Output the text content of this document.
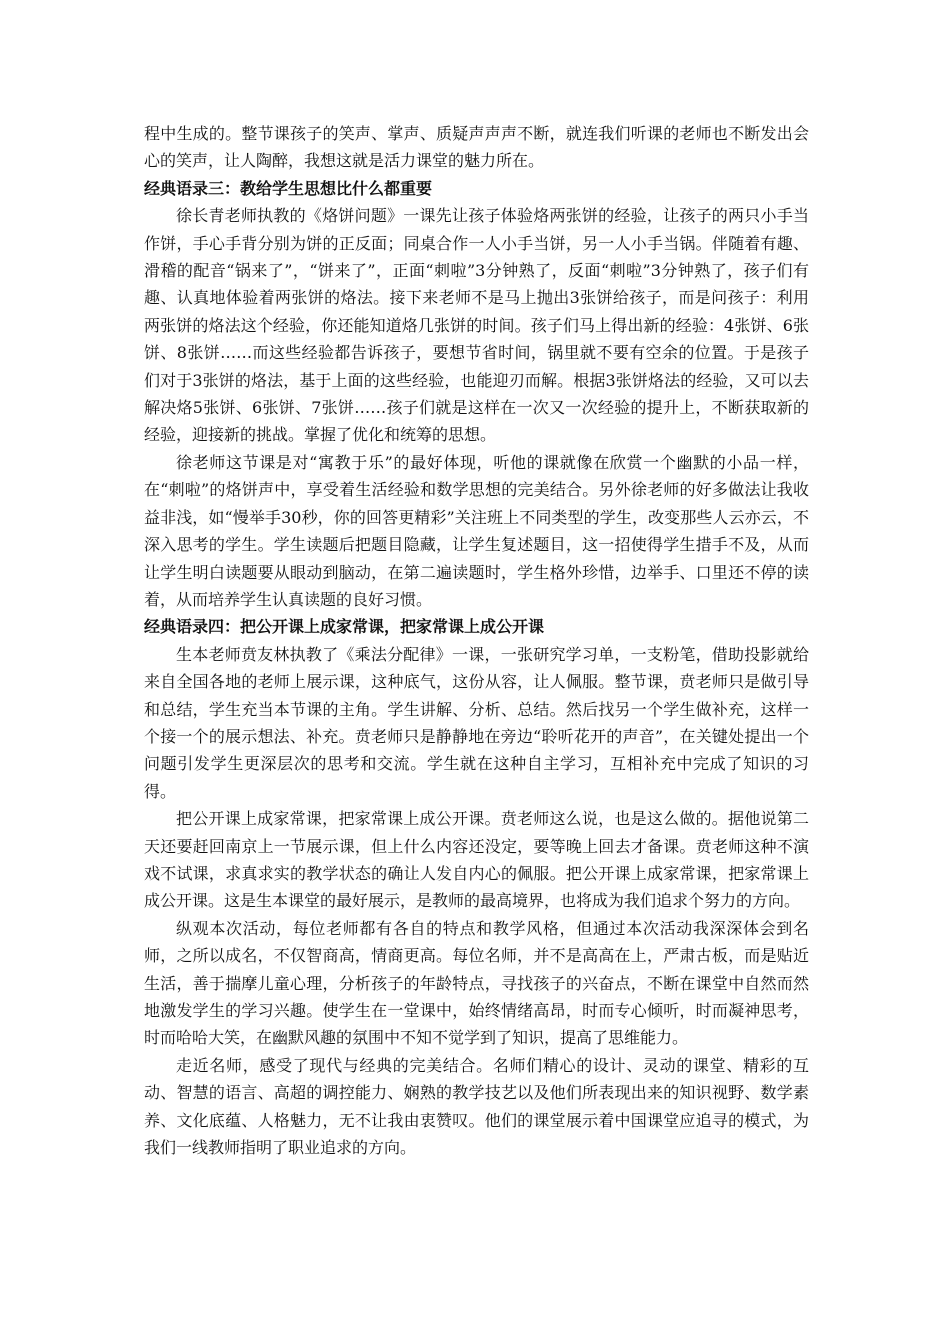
程中生成的。整节课孩子的笑声、掌声、质疑声声声不断，就连我们听课的老师也不断发出会心的笑声，让人陶醉，我想这就是活力课堂的魅力所在。

经典语录三：教给学生思想比什么都重要

徐长青老师执教的《烙饼问题》一课先让孩子体验烙两张饼的经验，让孩子的两只小手当作饼，手心手背分别为饼的正反面；同桌合作一人小手当饼，另一人小手当锅。伴随着有趣、滑稽的配音“锅来了”，“饼来了”，正面“刺啦”3分钟熟了，反面“刺啦”3分钟熟了，孩子们有趣、认真地体验着两张饼的烙法。接下来老师不是马上抛出3张饼给孩子，而是问孩子：利用两张饼的烙法这个经验，你还能知道烙几张饼的时间。孩子们马上得出新的经验：4张饼、6张饼、8张饼……而这些经验都告诉孩子，要想节省时间，锅里就不要有空余的位置。于是孩子们对于3张饼的烙法，基于上面的这些经验，也能迎刃而解。根据3张饼烙法的经验，又可以去解决烙5张饼、6张饼、7张饼……孩子们就是这样在一次又一次经验的提升上，不断获取新的经验，迎接新的挑战。掌握了优化和统筹的思想。

徐老师这节课是对“寓教于乐”的最好体现，听他的课就像在欣赏一个幽默的小品一样，在“刺啦”的烙饼声中，享受着生活经验和数学思想的完美结合。另外徐老师的好多做法让我收益非浅，如“慢举手30秒，你的回答更精彩”关注班上不同类型的学生，改变那些人云亦云，不深入思考的学生。学生读题后把题目隐藏，让学生复述题目，这一招使得学生措手不及，从而让学生明白读题要从眼动到脑动，在第二遍读题时，学生格外珍惜，边举手、口里还不停的读着，从而培养学生认真读题的良好习惯。

经典语录四：把公开课上成家常课，把家常课上成公开课

生本老师贲友林执教了《乘法分配律》一课，一张研究学习单，一支粉笔，借助投影就给来自全国各地的老师上展示课，这种底气，这份从容，让人佩服。整节课，贲老师只是做引导和总结，学生充当本节课的主角。学生讲解、分析、总结。然后找另一个学生做补充，这样一个接一个的展示想法、补充。贲老师只是静静地在旁边“聆听花开的声音”，在关键处提出一个问题引发学生更深层次的思考和交流。学生就在这种自主学习，互相补充中完成了知识的习得。

把公开课上成家常课，把家常课上成公开课。贲老师这么说，也是这么做的。据他说第二天还要赶回南京上一节展示课，但上什么内容还没定，要等晚上回去才备课。贲老师这种不演戏不试课，求真求实的教学状态的确让人发自内心的佩服。把公开课上成家常课，把家常课上成公开课。这是生本课堂的最好展示，是教师的最高境界，也将成为我们追求个努力的方向。

纵观本次活动，每位老师都有各自的特点和教学风格，但通过本次活动我深深体会到名师，之所以成名，不仅智商高，情商更高。每位名师，并不是高高在上，严肃古板，而是贴近生活，善于揣摩儿童心理，分析孩子的年龄特点，寻找孩子的兴奋点，不断在课堂中自然而然地激发学生的学习兴趣。使学生在一堂课中，始终情绪高昂，时而专心倾听，时而凝神思考，时而哈哈大笑，在幽默风趣的氛围中不知不觉学到了知识，提高了思维能力。

走近名师，感受了现代与经典的完美结合。名师们精心的设计、灵动的课堂、精彩的互动、智慧的语言、高超的调控能力、娴熟的教学技艺以及他们所表现出来的知识视野、数学素养、文化底蕴、人格魅力，无不让我由衷赞叹。他们的课堂展示着中国课堂应追寻的模式，为我们一线教师指明了职业追求的方向。
